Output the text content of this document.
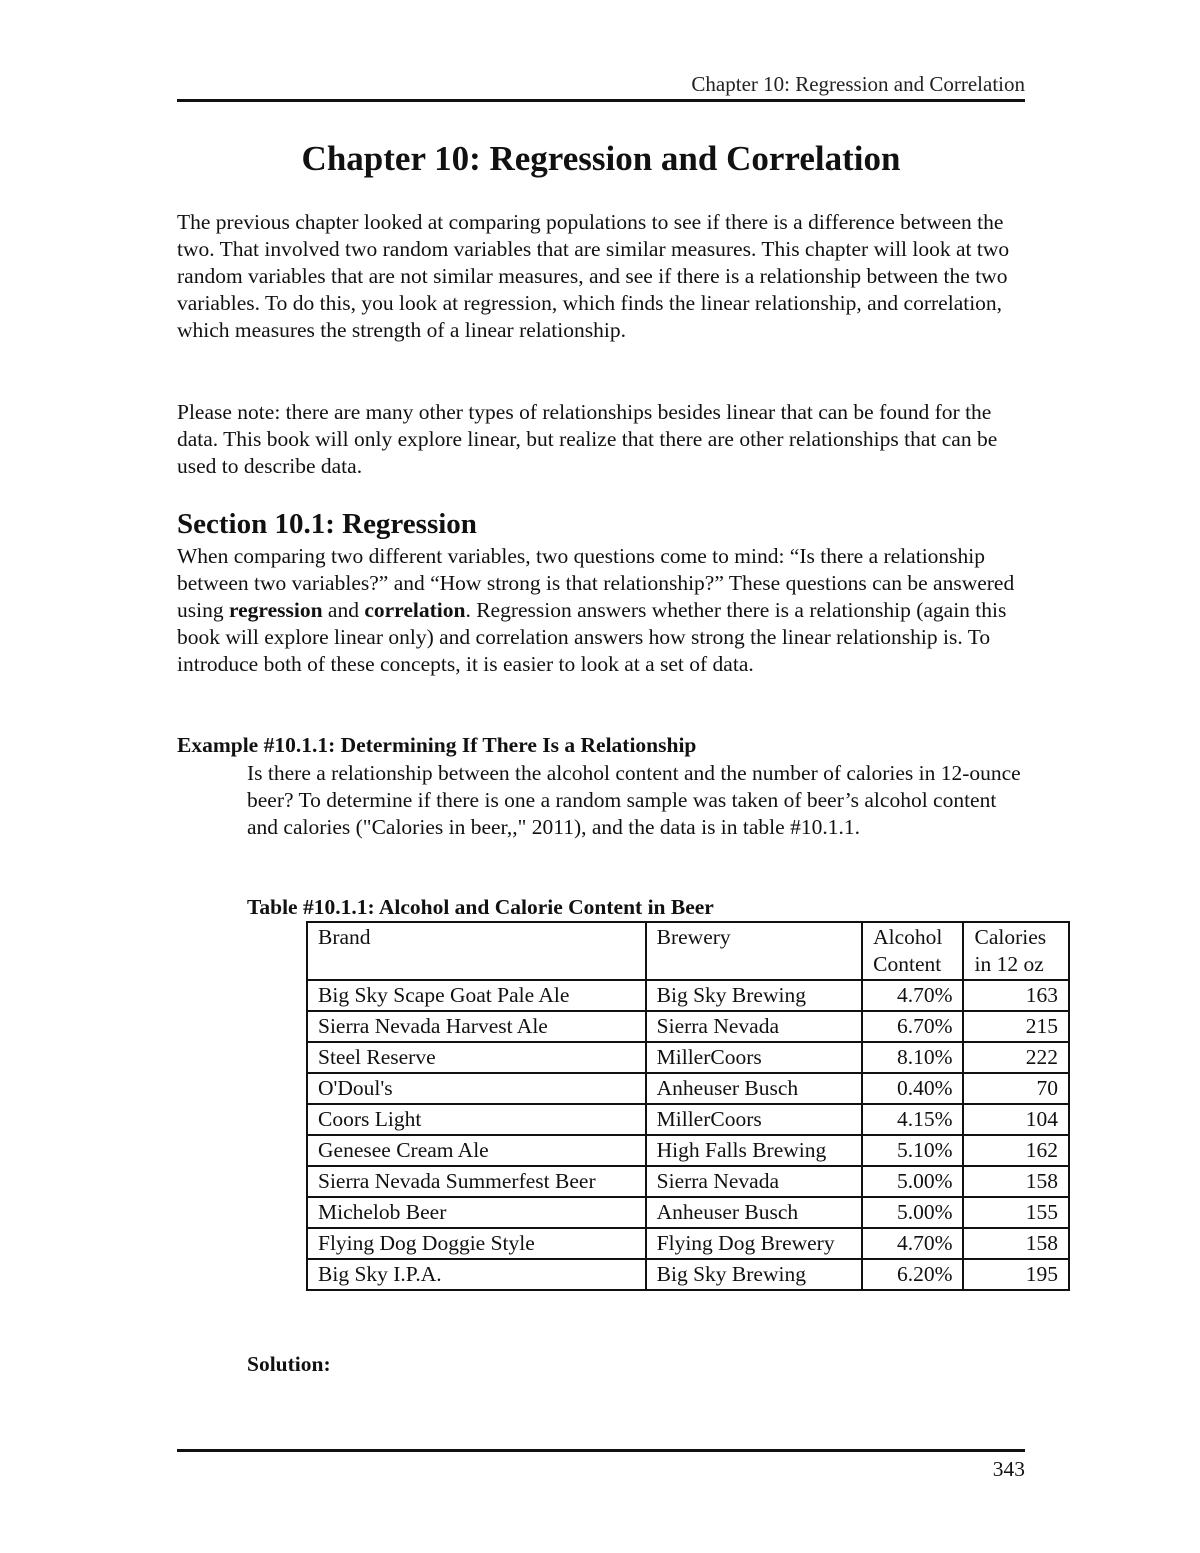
Chapter 10: Regression and Correlation
Chapter 10: Regression and Correlation

The previous chapter looked at comparing populations to see if there is a difference between the two. That involved two random variables that are similar measures. This chapter will look at two random variables that are not similar measures, and see if there is a relationship between the two variables. To do this, you look at regression, which finds the linear relationship, and correlation, which measures the strength of a linear relationship.

Please note: there are many other types of relationships besides linear that can be found for the data. This book will only explore linear, but realize that there are other relationships that can be used to describe data.

Section 10.1: Regression

When comparing two different variables, two questions come to mind: “Is there a relationship between two variables?” and “How strong is that relationship?” These questions can be answered using regression and correlation. Regression answers whether there is a relationship (again this book will explore linear only) and correlation answers how strong the linear relationship is. To introduce both of these concepts, it is easier to look at a set of data.

Example #10.1.1: Determining If There Is a Relationship

Is there a relationship between the alcohol content and the number of calories in 12-ounce beer? To determine if there is one a random sample was taken of beer’s alcohol content and calories ("Calories in beer,," 2011), and the data is in table #10.1.1.

Table #10.1.1: Alcohol and Calorie Content in Beer
Brand	Brewery	Alcohol Content	Calories in 12 oz
Big Sky Scape Goat Pale Ale	Big Sky Brewing	4.70%	163
Sierra Nevada Harvest Ale	Sierra Nevada	6.70%	215
Steel Reserve	MillerCoors	8.10%	222
O'Doul's	Anheuser Busch	0.40%	70
Coors Light	MillerCoors	4.15%	104
Genesee Cream Ale	High Falls Brewing	5.10%	162
Sierra Nevada Summerfest Beer	Sierra Nevada	5.00%	158
Michelob Beer	Anheuser Busch	5.00%	155
Flying Dog Doggie Style	Flying Dog Brewery	4.70%	158
Big Sky I.P.A.	Big Sky Brewing	6.20%	195
Solution:
343
